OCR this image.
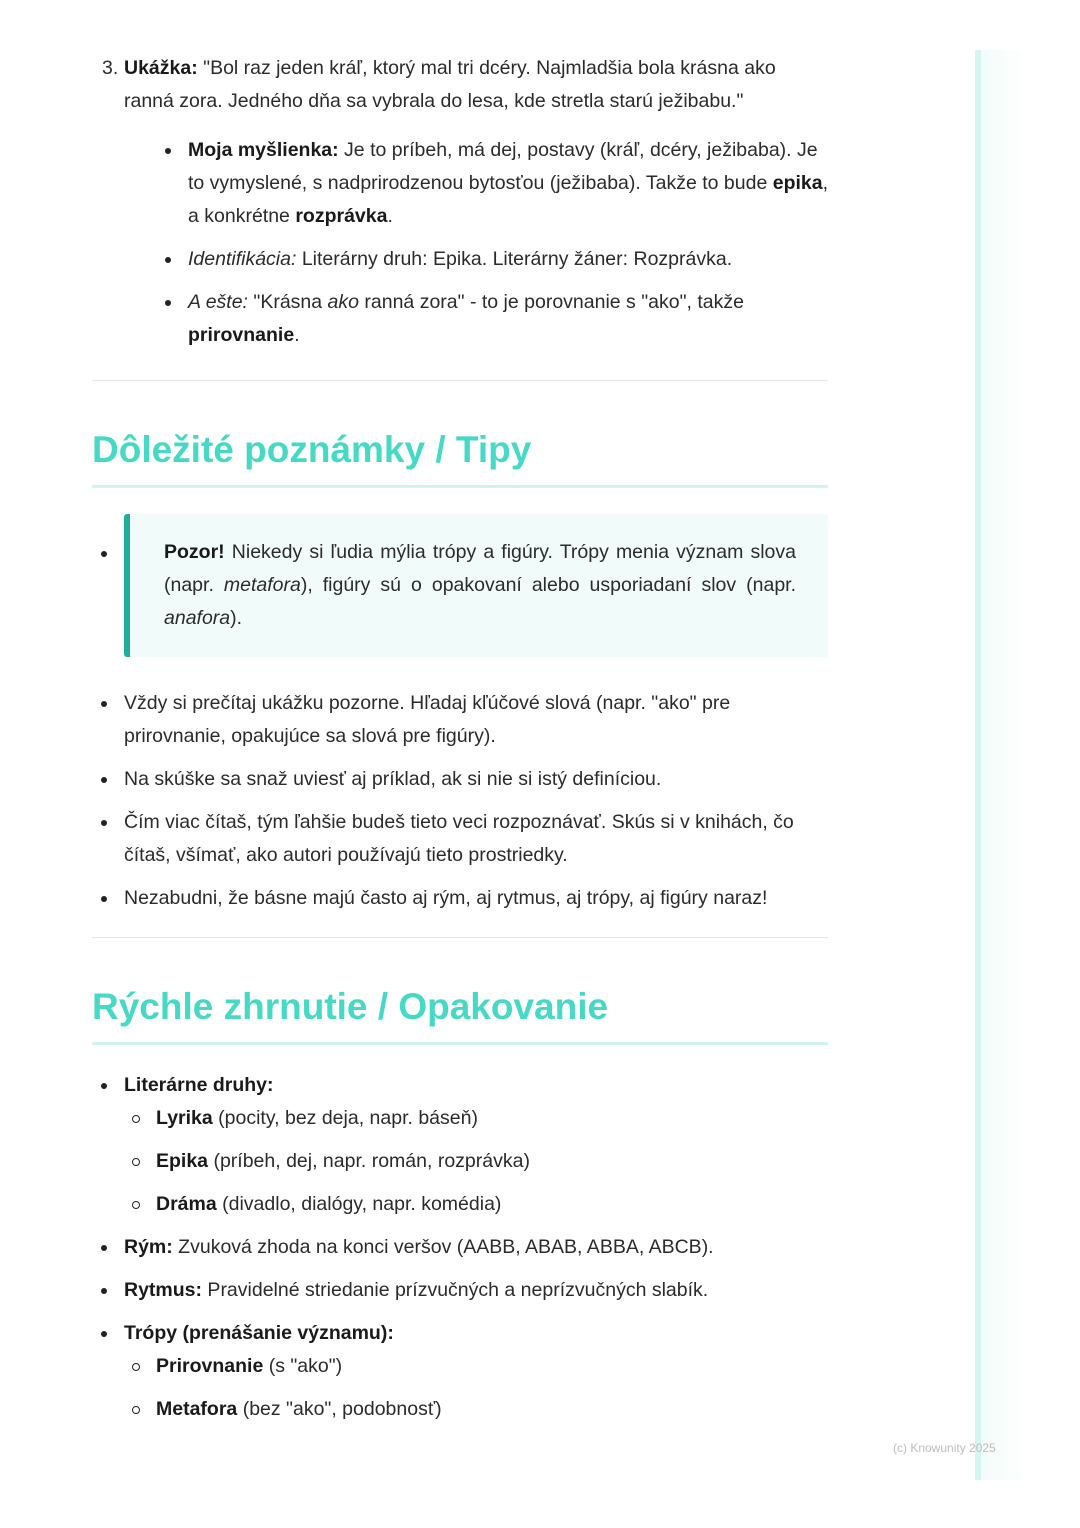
3. Ukážka: "Bol raz jeden kráľ, ktorý mal tri dcéry. Najmladšia bola krásna ako ranná zora. Jedného dňa sa vybrala do lesa, kde stretla starú ježibabu."

Moja myšlienka: Je to príbeh, má dej, postavy (kráľ, dcéry, ježibaba). Je to vymyslené, s nadprirodzenou bytosťou (ježibaba). Takže to bude epika, a konkrétne rozprávka.
Identifikácia: Literárny druh: Epika. Literárny žáner: Rozprávka.
A ešte: "Krásna ako ranná zora" - to je porovnanie s "ako", takže prirovnanie.
Dôležité poznámky / Tipy
Pozor! Niekedy si ľudia mýlia trópy a figúry. Trópy menia význam slova (napr. metafora), figúry sú o opakovaní alebo usporiadaní slov (napr. anafora).
Vždy si prečítaj ukážku pozorne. Hľadaj kľúčové slová (napr. "ako" pre prirovnanie, opakujúce sa slová pre figúry).
Na skúške sa snaž uviesť aj príklad, ak si nie si istý definíciou.
Čím viac čítaš, tým ľahšie budeš tieto veci rozpoznávať. Skús si v knihách, čo čítaš, všímať, ako autori používajú tieto prostriedky.
Nezabudni, že básne majú často aj rým, aj rytmus, aj trópy, aj figúry naraz!
Rýchle zhrnutie / Opakovanie
Literárne druhy:
Lyrika (pocity, bez deja, napr. báseň)
Epika (príbeh, dej, napr. román, rozprávka)
Dráma (divadlo, dialógy, napr. komédia)
Rým: Zvuková zhoda na konci veršov (AABB, ABAB, ABBA, ABCB).
Rytmus: Pravidelné striedanie prízvučných a neprízvučných slabík.
Trópy (prenášanie významu):
Prirovnanie (s "ako")
Metafora (bez "ako", podobnosť)
(c) Knowunity 2025
